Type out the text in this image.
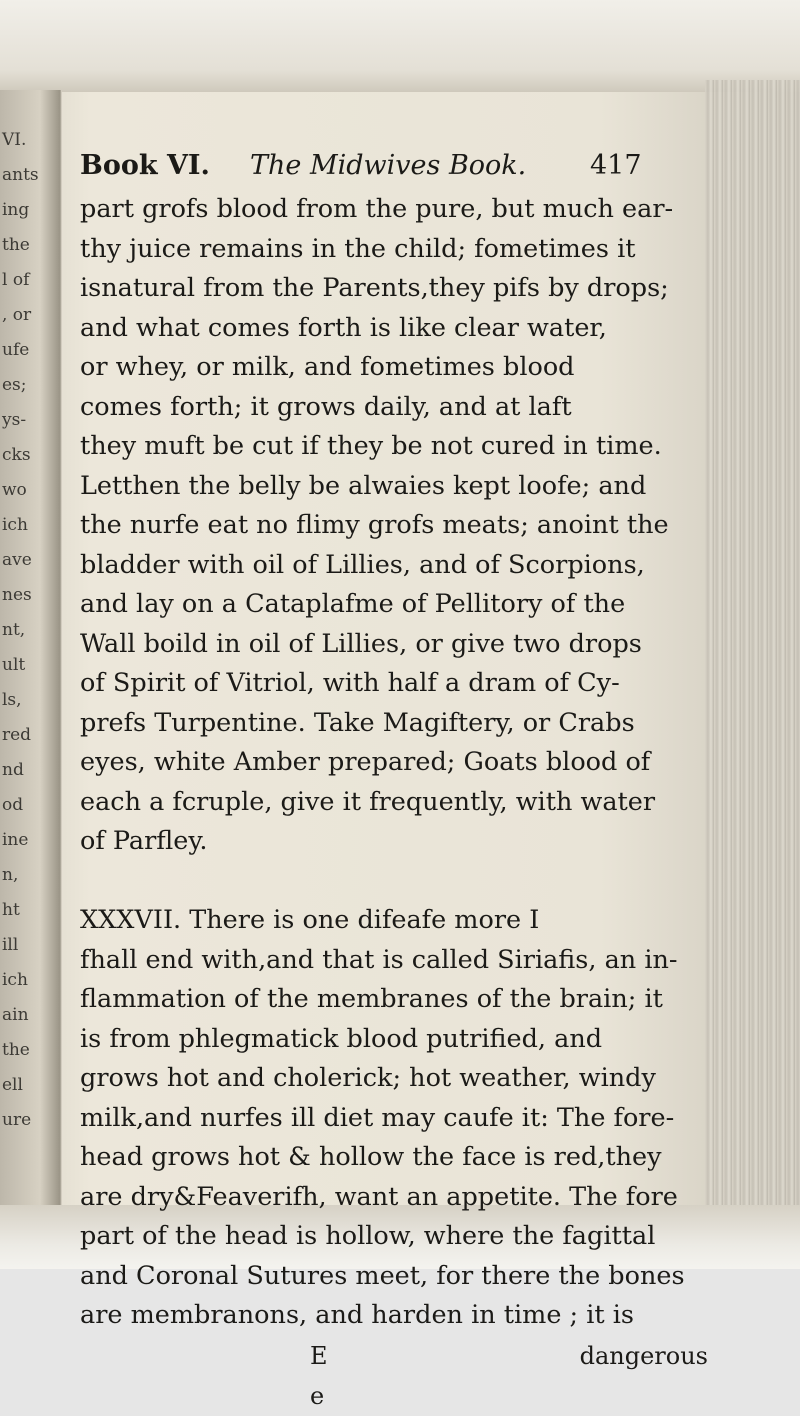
VI.
ants
ing
the
l of
, or
ufe
es;
ys-
cks
wo
ich
ave
nes
nt,
ult
ls,
red
nd
od
ine
n,
ht
ill
ich
ain
the
ell
ure
Book VI.	The Midwives Book.	417
part grofs blood from the pure, but much ear-
thy juice remains in the child; fometimes it
isnatural from the Parents,they pifs by drops;
and what comes forth is like clear water,
or whey, or milk, and fometimes blood
comes forth; it grows daily, and at laft
they muft be cut if they be not cured in time.
Letthen the belly be alwaies kept loofe; and
the nurfe eat no flimy grofs meats; anoint the
bladder with oil of Lillies, and of Scorpions,
and lay on a Cataplafme of Pellitory of the
Wall boild in oil of Lillies, or give two drops
of Spirit of Vitriol, with half a dram of Cy-
prefs Turpentine. Take Magiftery, or Crabs
eyes, white Amber prepared; Goats blood of
each a fcruple, give it frequently, with water
of Parfley.
XXXVII. There is one difeafe more I
fhall end with,and that is called Siriafis, an in-
flammation of the membranes of the brain; it
is from phlegmatick blood putrified, and
grows hot and cholerick; hot weather, windy
milk,and nurfes ill diet may caufe it: The fore-
head grows hot & hollow the face is red,they
are dry&Feaverifh, want an appetite. The fore
part of the head is hollow, where the fagittal
and Coronal Sutures meet, for there the bones
are membranons, and harden in time ; it is
E e
dangerous
